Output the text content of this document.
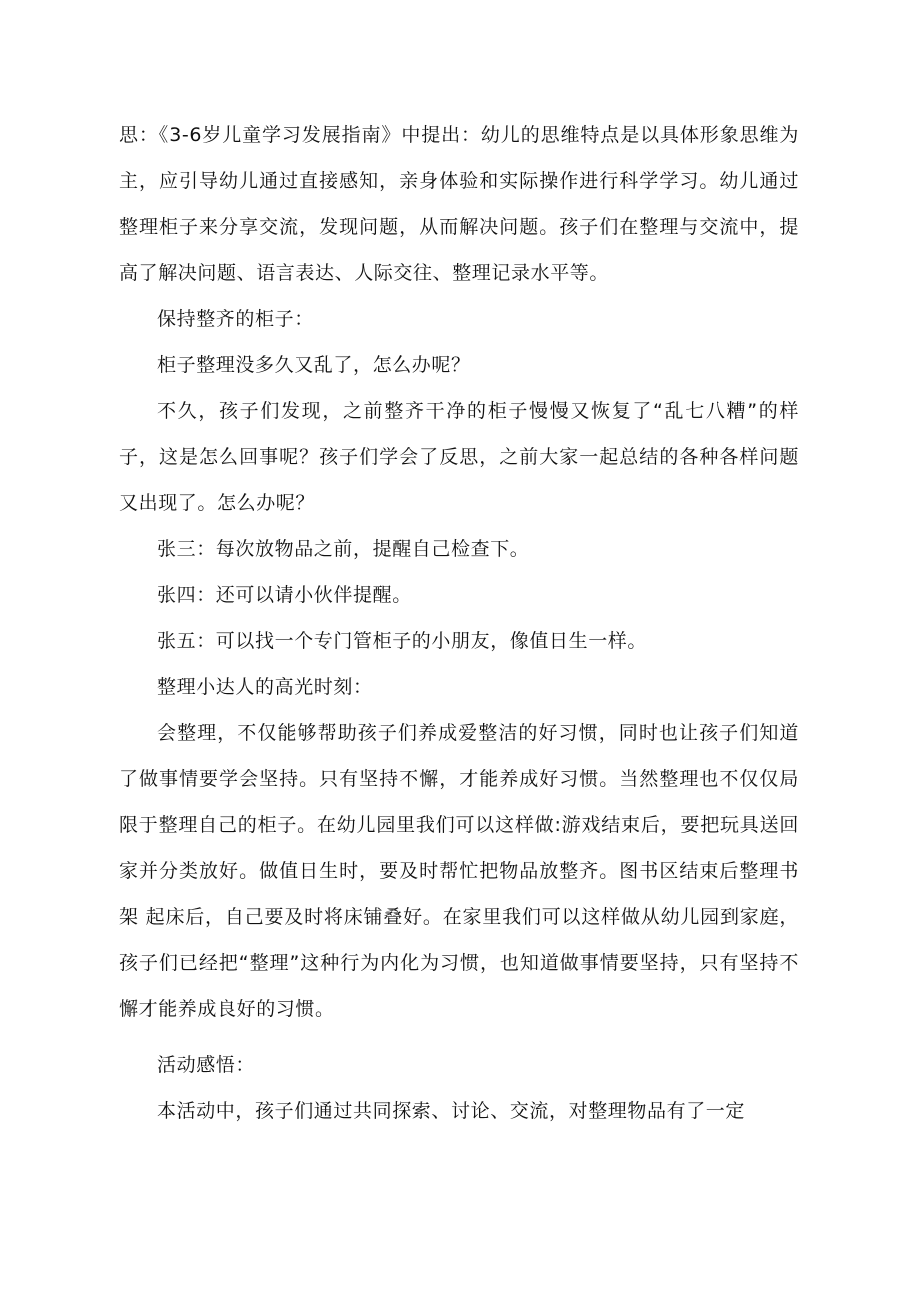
思：《3-6岁儿童学习发展指南》中提出：幼儿的思维特点是以具体形象思维为主，应引导幼儿通过直接感知，亲身体验和实际操作进行科学学习。幼儿通过整理柜子来分享交流，发现问题，从而解决问题。孩子们在整理与交流中，提高了解决问题、语言表达、人际交往、整理记录水平等。

保持整齐的柜子：

柜子整理没多久又乱了，怎么办呢？

不久，孩子们发现，之前整齐干净的柜子慢慢又恢复了“乱七八糟”的样子，这是怎么回事呢？孩子们学会了反思，之前大家一起总结的各种各样问题又出现了。怎么办呢？

张三：每次放物品之前，提醒自己检查下。

张四：还可以请小伙伴提醒。

张五：可以找一个专门管柜子的小朋友，像值日生一样。

整理小达人的高光时刻：

会整理，不仅能够帮助孩子们养成爱整洁的好习惯，同时也让孩子们知道了做事情要学会坚持。只有坚持不懈，才能养成好习惯。当然整理也不仅仅局限于整理自己的柜子。在幼儿园里我们可以这样做:游戏结束后，要把玩具送回家并分类放好。做值日生时，要及时帮忙把物品放整齐。图书区结束后整理书架 起床后，自己要及时将床铺叠好。在家里我们可以这样做从幼儿园到家庭，孩子们已经把“整理”这种行为内化为习惯，也知道做事情要坚持，只有坚持不懈才能养成良好的习惯。

活动感悟：

本活动中，孩子们通过共同探索、讨论、交流，对整理物品有了一定
